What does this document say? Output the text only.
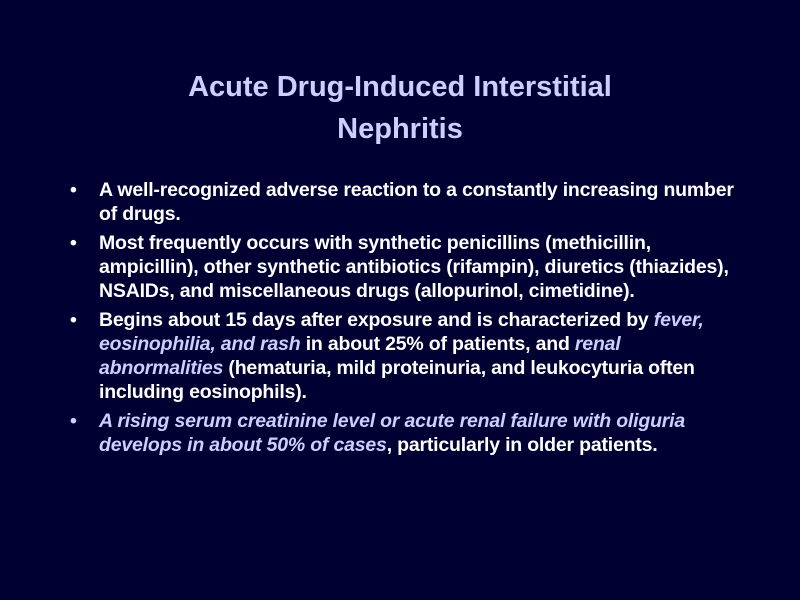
Acute Drug-Induced Interstitial
Nephritis
• A well-recognized adverse reaction to a constantly increasing number of drugs.
• Most frequently occurs with synthetic penicillins (methicillin, ampicillin), other synthetic antibiotics (rifampin), diuretics (thiazides), NSAIDs, and miscellaneous drugs (allopurinol, cimetidine).
• Begins about 15 days after exposure and is characterized by fever, eosinophilia, and rash in about 25% of patients, and renal abnormalities (hematuria, mild proteinuria, and leukocyturia often including eosinophils).
• A rising serum creatinine level or acute renal failure with oliguria develops in about 50% of cases, particularly in older patients.
